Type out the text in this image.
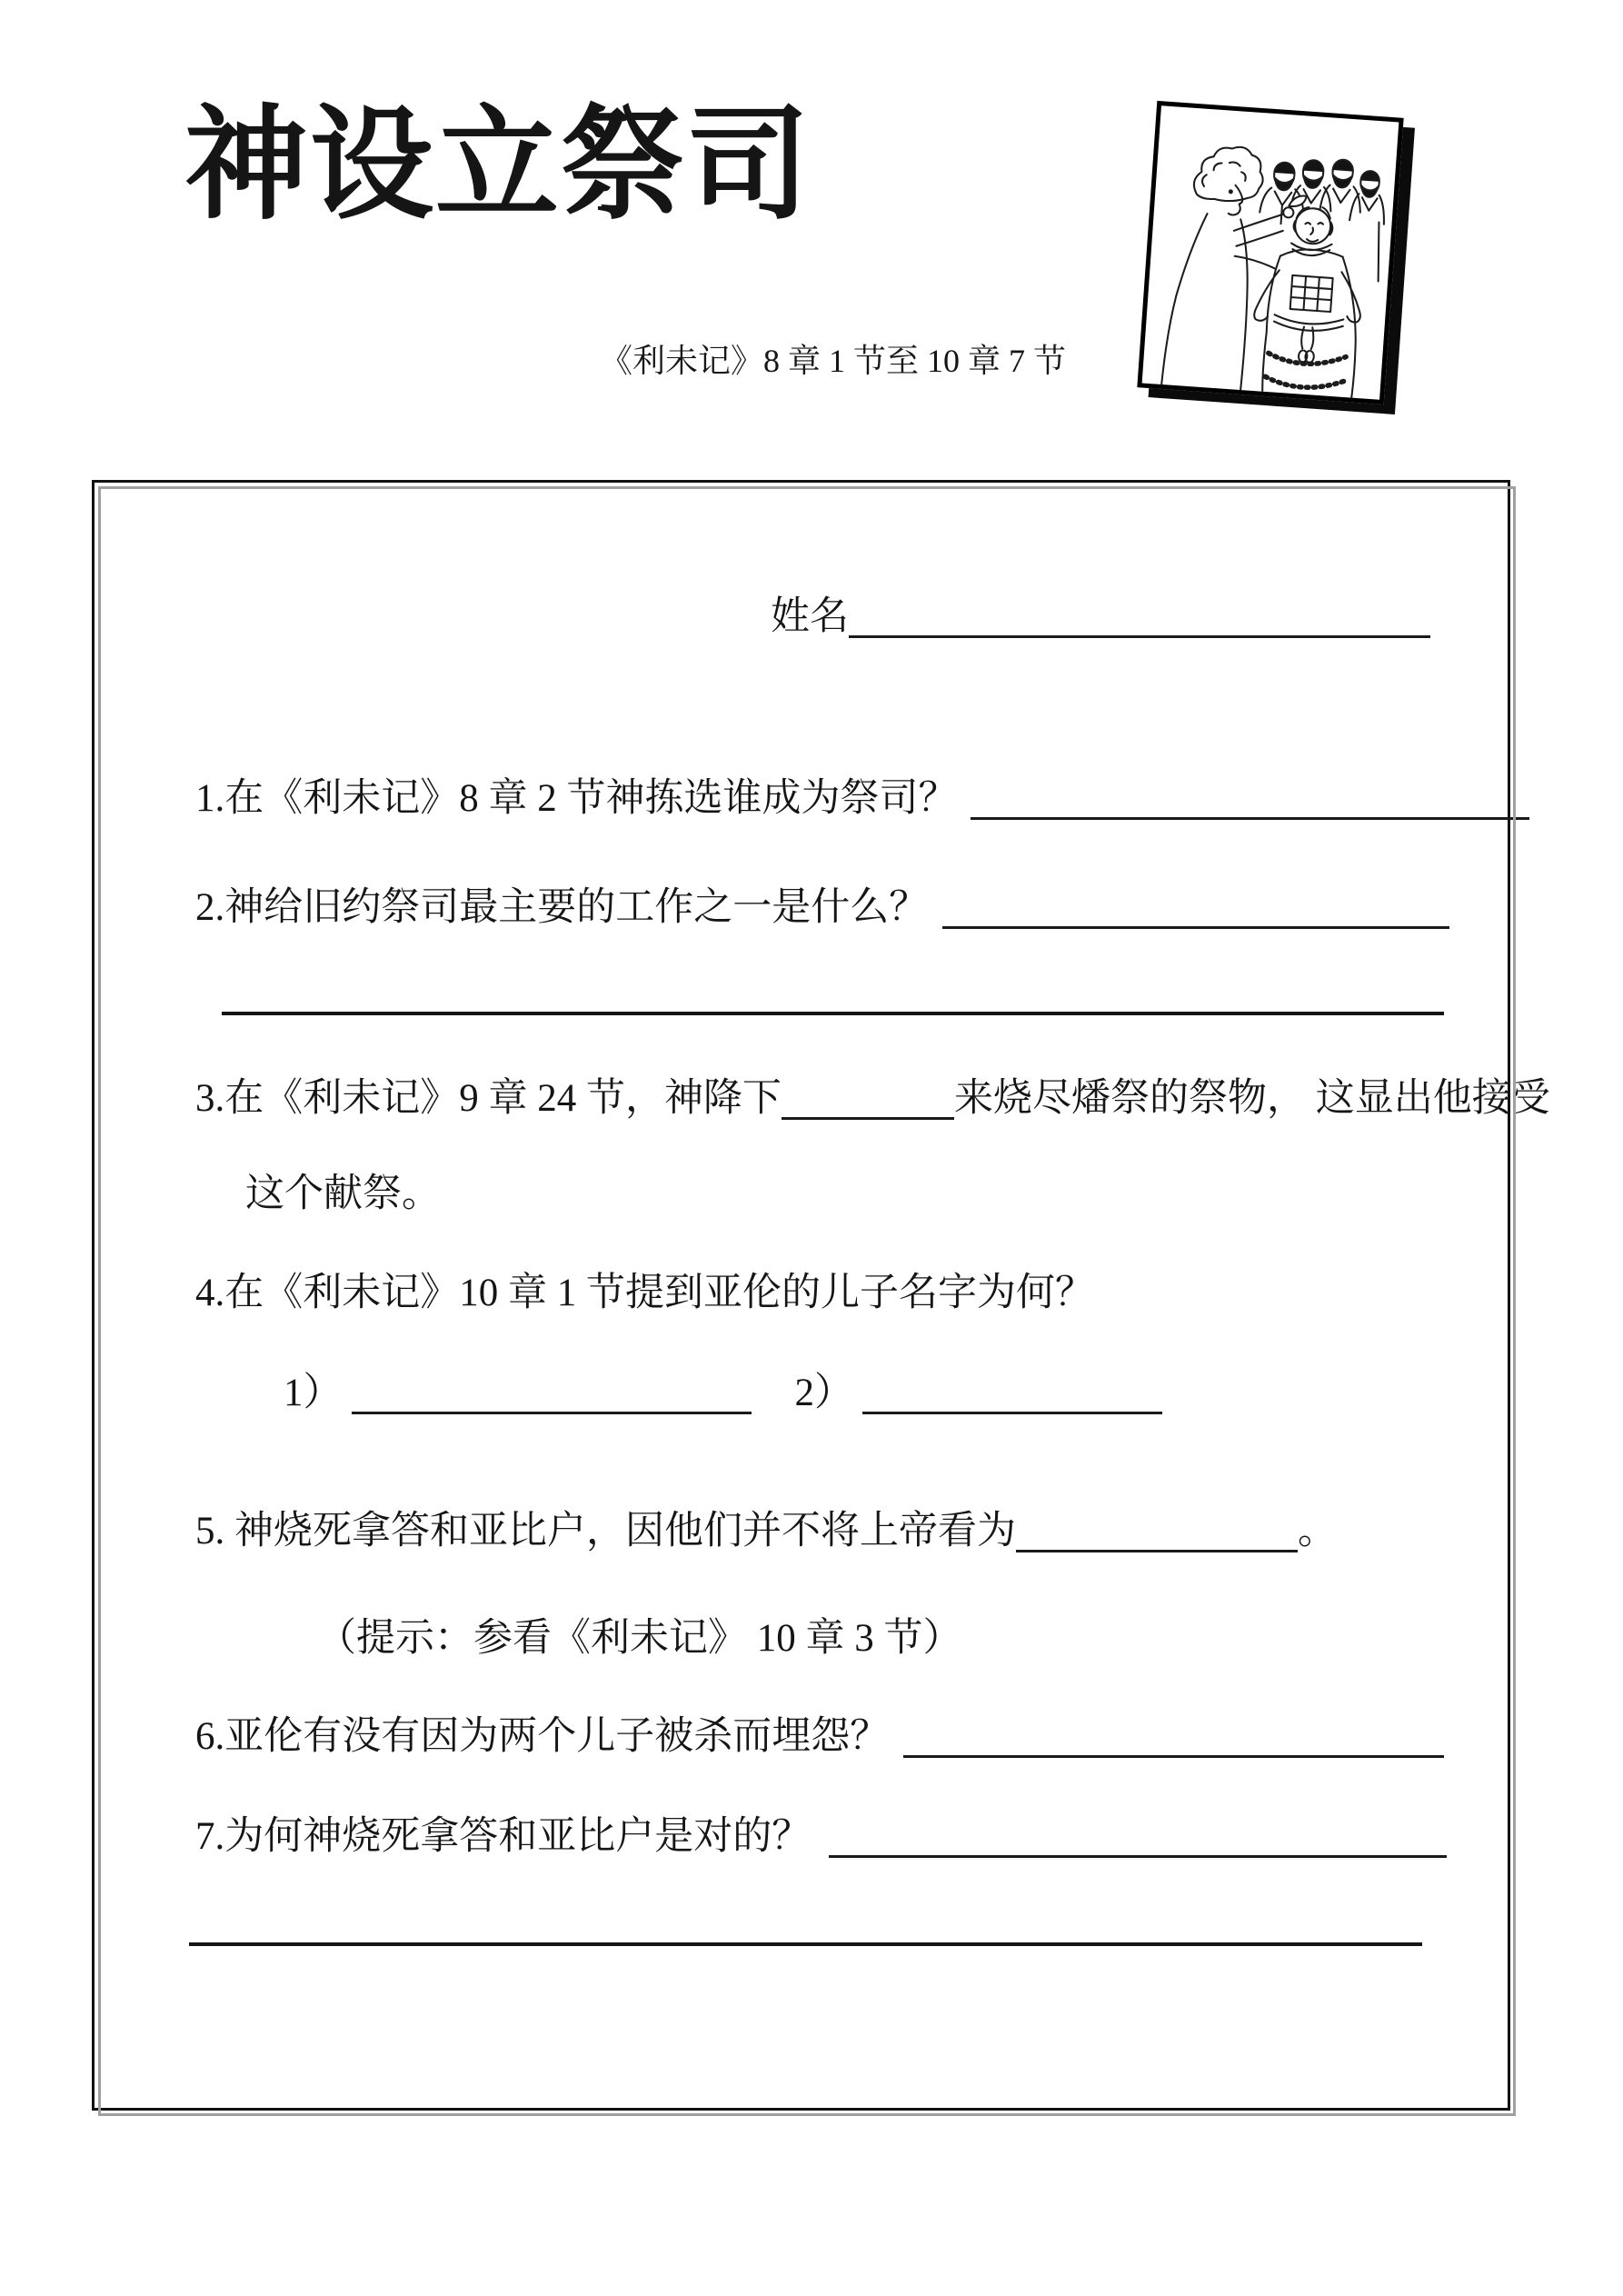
神设立祭司
《利未记》8 章 1 节至 10 章 7 节
姓名
1.在《利未记》8 章 2 节神拣选谁成为祭司？
2.神给旧约祭司最主要的工作之一是什么？
3.在《利未记》9 章 24 节，神降下	来烧尽燔祭的祭物， 这显出他接受
这个献祭。
4.在《利未记》10 章 1 节提到亚伦的儿子名字为何？
1）	2）
5. 神烧死拿答和亚比户，因他们并不将上帝看为	。
（提示：参看《利未记》 10 章 3 节）
6.亚伦有没有因为两个儿子被杀而埋怨？
7.为何神烧死拿答和亚比户是对的？
